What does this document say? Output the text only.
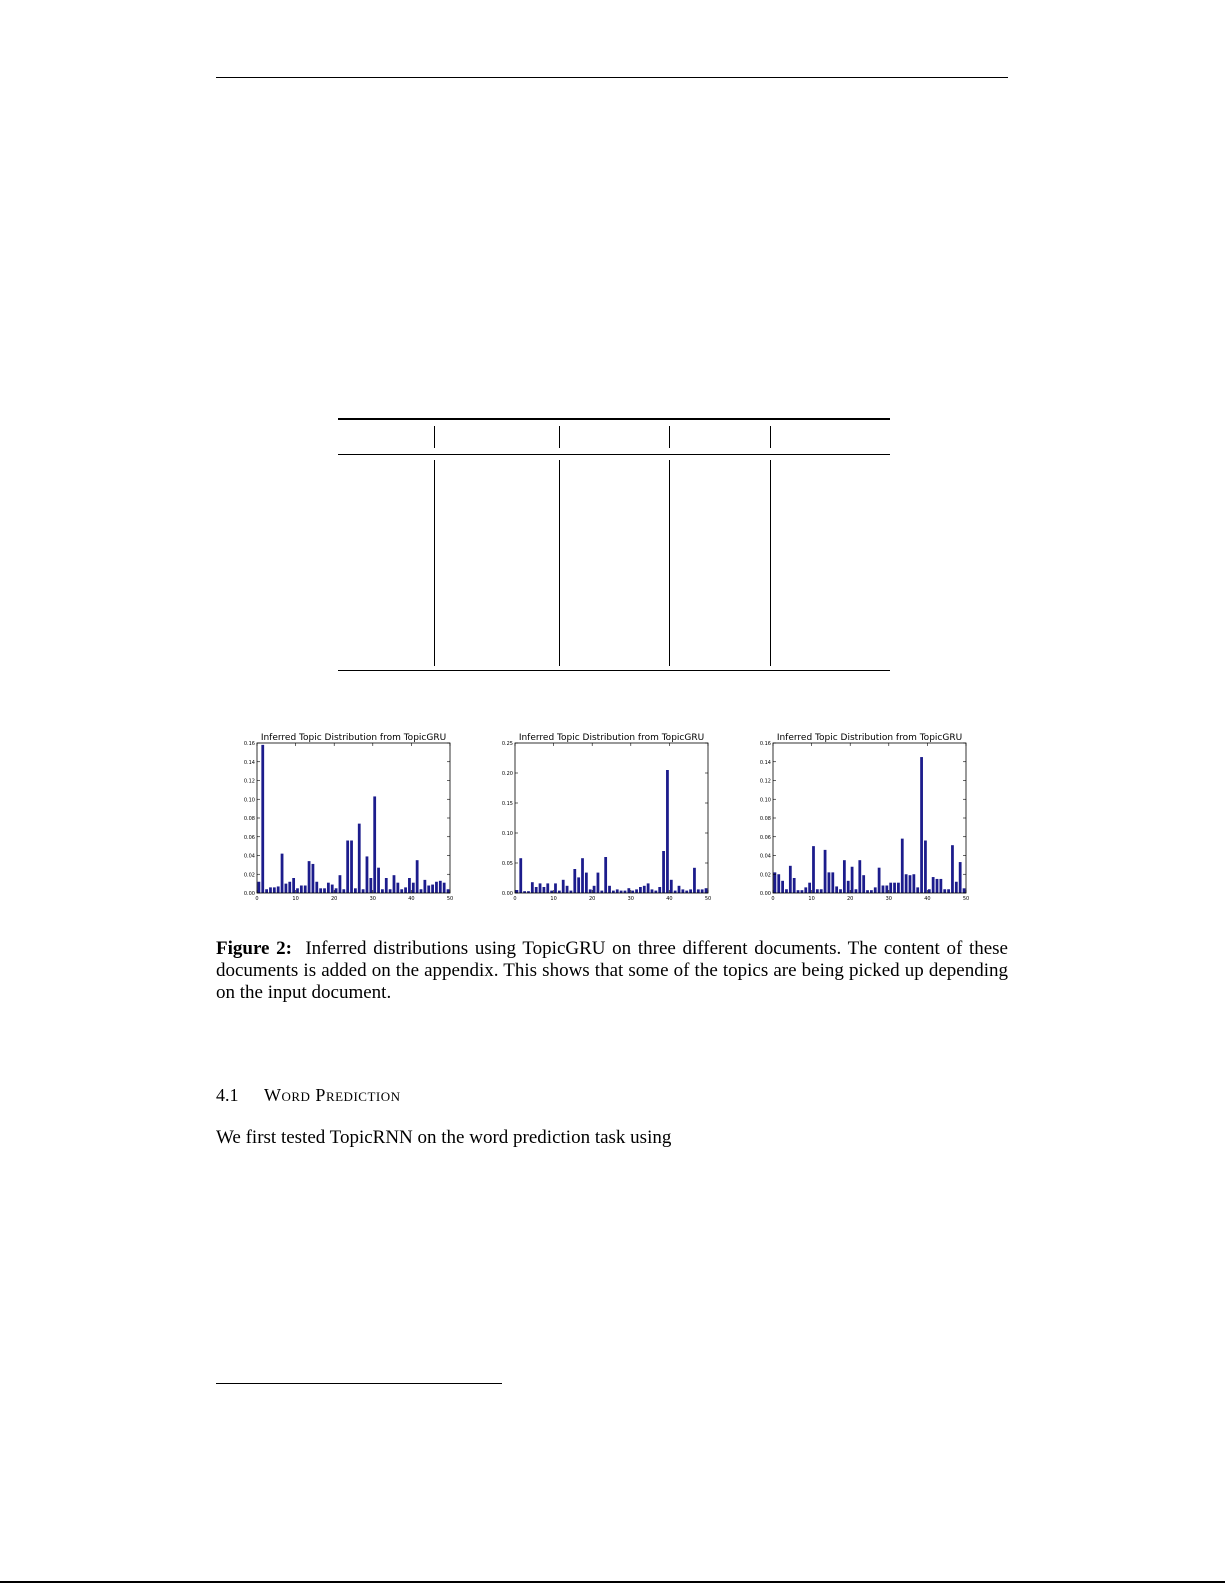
Inferred Topic Distribution from TopicGRU
0.00
0.02
0.04
0.06
0.08
0.10
0.12
0.14
0.16
0	10	20	30	40	50
Inferred Topic Distribution from TopicGRU
0.00
0.05
0.10
0.15
0.20
0.25
0	10	20	30	40	50
Inferred Topic Distribution from TopicGRU
0.00
0.02
0.04
0.06
0.08
0.10
0.12
0.14
0.16
0	10	20	30	40	50
Figure 2: Inferred distributions using TopicGRU on three different documents. The content of these documents is added on the appendix. This shows that some of the topics are being picked up depending on the input document.
4.1 Word Prediction
We first tested TopicRNN on the word prediction task using
